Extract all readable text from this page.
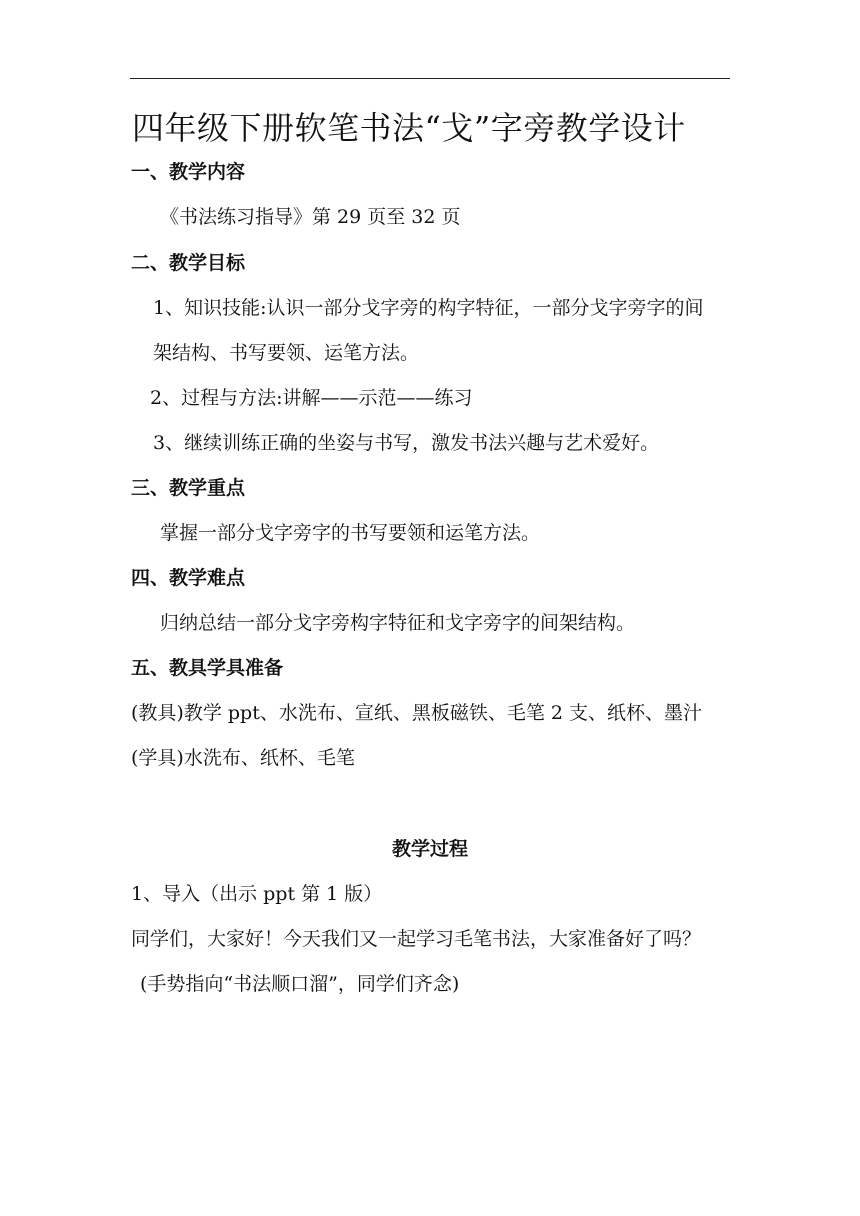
四年级下册软笔书法“戈”字旁教学设计
一、教学内容
《书法练习指导》第 29 页至 32 页
二、教学目标
1、知识技能:认识一部分戈字旁的构字特征，一部分戈字旁字的间
架结构、书写要领、运笔方法。
2、过程与方法:讲解——示范——练习
3、继续训练正确的坐姿与书写，激发书法兴趣与艺术爱好。
三、教学重点
掌握一部分戈字旁字的书写要领和运笔方法。
四、教学难点
归纳总结一部分戈字旁构字特征和戈字旁字的间架结构。
五、教具学具准备
(教具)教学 ppt、水洗布、宣纸、黑板磁铁、毛笔 2 支、纸杯、墨汁
(学具)水洗布、纸杯、毛笔
教学过程
1、导入（出示 ppt 第 1 版）
同学们，大家好！今天我们又一起学习毛笔书法，大家准备好了吗？
(手势指向“书法顺口溜”，同学们齐念)
